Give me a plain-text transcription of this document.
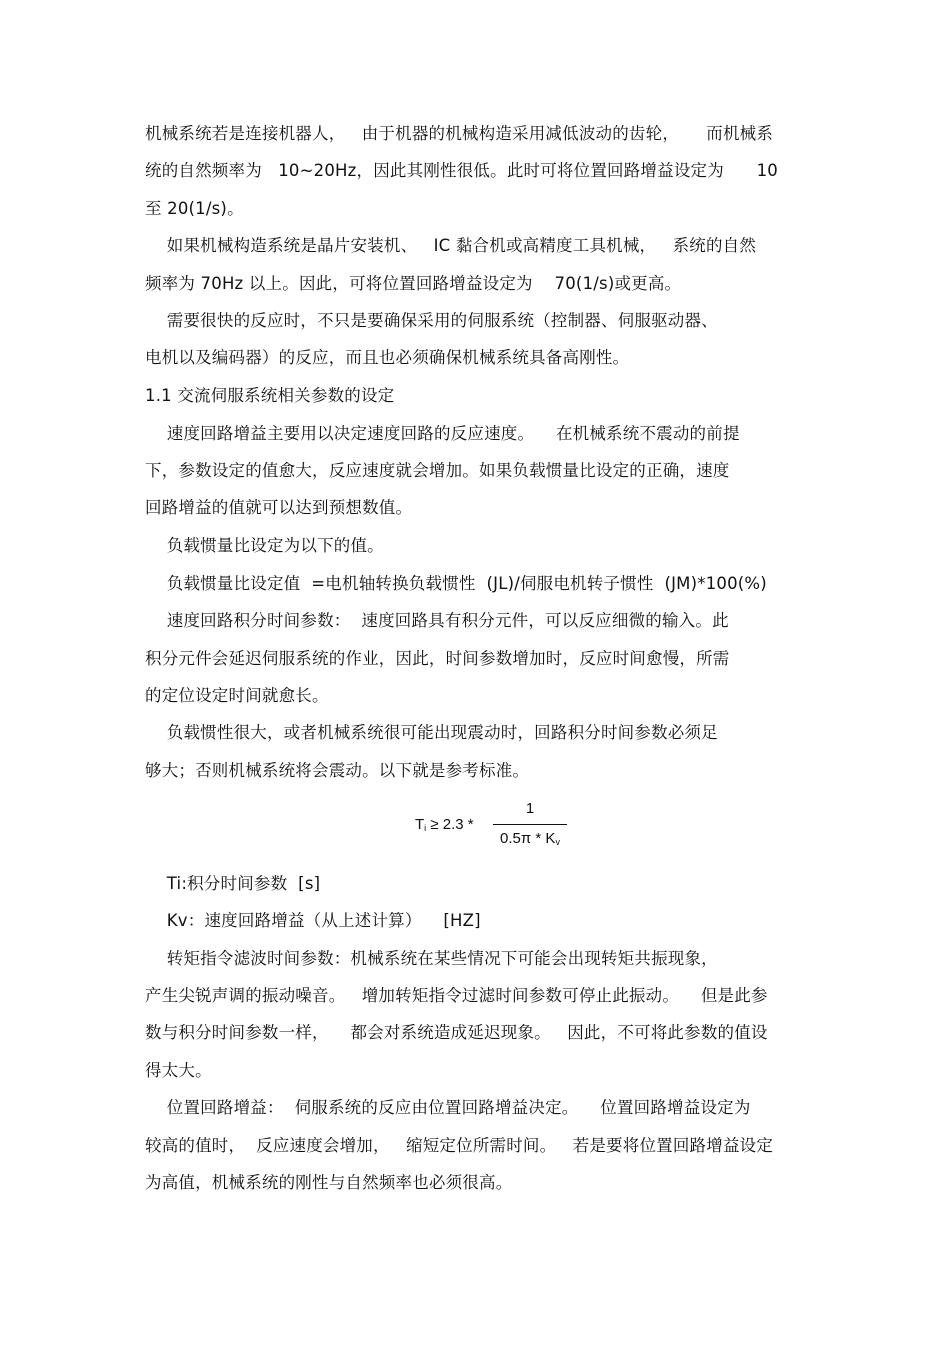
机械系统若是连接机器人，   由于机器的机械构造采用减低波动的齿轮，     而机械系
统的自然频率为   10~20Hz，因此其刚性很低。此时可将位置回路增益设定为      10
至 20(1/s)。
如果机械构造系统是晶片安装机、   IC 黏合机或高精度工具机械，   系统的自然
频率为 70Hz 以上。因此，可将位置回路增益设定为    70(1/s)或更高。
需要很快的反应时，不只是要确保采用的伺服系统（控制器、伺服驱动器、
电机以及编码器）的反应，而且也必须确保机械系统具备高刚性。
1.1 交流伺服系统相关参数的设定
速度回路增益主要用以决定速度回路的反应速度。    在机械系统不震动的前提
下，参数设定的值愈大，反应速度就会增加。如果负载惯量比设定的正确，速度
回路增益的值就可以达到预想数值。
负载惯量比设定为以下的值。
负载惯量比设定值  =电机轴转换负载惯性  (JL)/伺服电机转子惯性  (JM)*100(%)
速度回路积分时间参数：  速度回路具有积分元件，可以反应细微的输入。此
积分元件会延迟伺服系统的作业，因此，时间参数增加时，反应时间愈慢，所需
的定位设定时间就愈长。
负载惯性很大，或者机械系统很可能出现震动时，回路积分时间参数必须足
够大；否则机械系统将会震动。以下就是参考标准。
Ti:积分时间参数  [s]
Kv：速度回路增益（从上述计算）    [HZ]
转矩指令滤波时间参数：机械系统在某些情况下可能会出现转矩共振现象，
产生尖锐声调的振动噪音。   增加转矩指令过滤时间参数可停止此振动。    但是此参
数与积分时间参数一样，    都会对系统造成延迟现象。   因此，不可将此参数的值设
得太大。
位置回路增益：  伺服系统的反应由位置回路增益决定。    位置回路增益设定为
较高的值时，  反应速度会增加，   缩短定位所需时间。   若是要将位置回路增益设定
为高值，机械系统的刚性与自然频率也必须很高。
$T_i \ge 2.3$ *
1
$0.5\pi * K_v$
